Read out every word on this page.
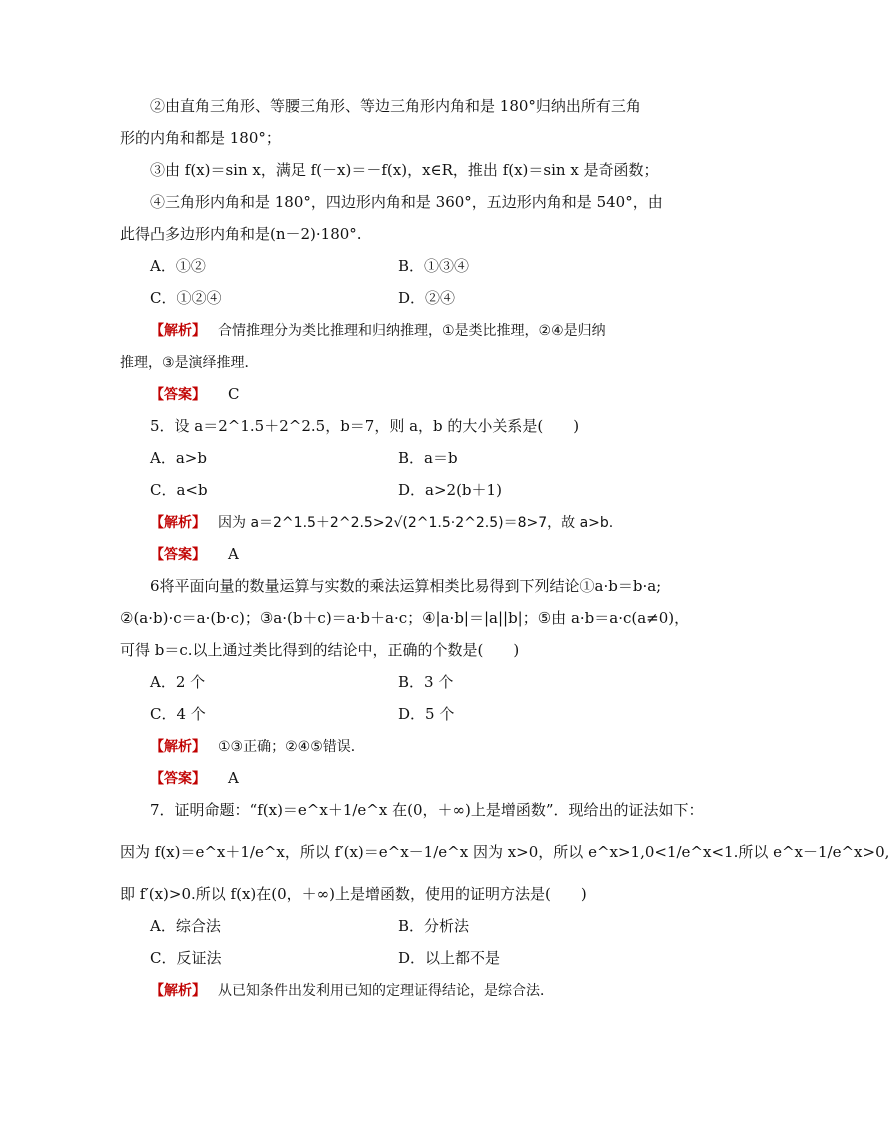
②由直角三角形、等腰三角形、等边三角形内角和是 180°归纳出所有三角
形的内角和都是 180°；
③由 f(x)＝sin x，满足 f(－x)＝－f(x)，x∈R，推出 f(x)＝sin x 是奇函数；
④三角形内角和是 180°，四边形内角和是 360°，五边形内角和是 540°，由
此得凸多边形内角和是(n－2)·180°.
A．①②	B．①③④
C．①②④	D．②④
【解析】 合情推理分为类比推理和归纳推理，①是类比推理，②④是归纳
推理，③是演绎推理．
【答案】 C
5．设 a＝2^1.5＋2^2.5，b＝7，则 a，b 的大小关系是(　　)
A．a>b	B．a＝b
C．a<b	D．a>2(b＋1)
【解析】 因为 a＝2^1.5＋2^2.5>2√(2^1.5·2^2.5)＝8>7，故 a>b.
【答案】 A
6将平面向量的数量运算与实数的乘法运算相类比易得到下列结论①a·b＝b·a;
②(a·b)·c＝a·(b·c)；③a·(b＋c)＝a·b＋a·c；④|a·b|＝|a||b|；⑤由 a·b＝a·c(a≠0)，
可得 b＝c.以上通过类比得到的结论中，正确的个数是(　　)
A．2 个	B．3 个
C．4 个	D．5 个
【解析】 ①③正确；②④⑤错误．
【答案】 A
7．证明命题：“f(x)＝e^x＋1/e^x 在(0，＋∞)上是增函数”．现给出的证法如下：
因为 f(x)＝e^x＋1/e^x，所以 f′(x)＝e^x－1/e^x 因为 x>0，所以 e^x>1,0<1/e^x<1.所以 e^x－1/e^x>0,
即 f′(x)>0.所以 f(x)在(0，＋∞)上是增函数，使用的证明方法是(　　)
A．综合法	B．分析法
C．反证法	D．以上都不是
【解析】 从已知条件出发利用已知的定理证得结论，是综合法．
